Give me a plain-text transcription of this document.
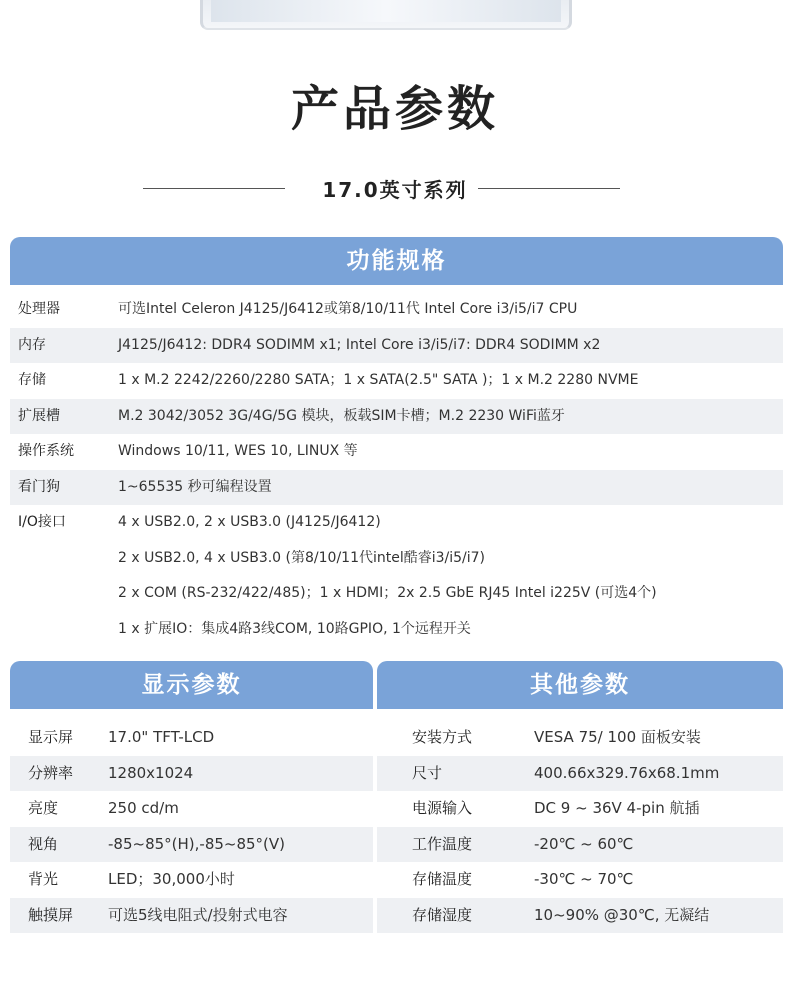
产品参数
17.0英寸系列
功能规格
处理器	可选Intel Celeron J4125/J6412或第8/10/11代 Intel Core i3/i5/i7 CPU
内存	J4125/J6412: DDR4 SODIMM x1; Intel Core i3/i5/i7: DDR4 SODIMM x2
存储	1 x M.2 2242/2260/2280 SATA；1 x SATA(2.5" SATA )；1 x M.2 2280 NVME
扩展槽	M.2 3042/3052 3G/4G/5G 模块，板载SIM卡槽；M.2 2230 WiFi蓝牙
操作系统	Windows 10/11, WES 10, LINUX 等
看门狗	1~65535 秒可编程设置
I/O接口	4 x USB2.0, 2 x USB3.0 (J4125/J6412)
2 x USB2.0, 4 x USB3.0 (第8/10/11代intel酷睿i3/i5/i7)
2 x COM (RS-232/422/485)；1 x HDMI；2x 2.5 GbE RJ45 Intel i225V (可选4个)
1 x 扩展IO：集成4路3线COM, 10路GPIO, 1个远程开关
显示参数
显示屏 17.0" TFT-LCD
分辨率 1280x1024
亮度	250 cd/m
视角	-85~85°(H),-85~85°(V)
背光	LED；30,000小时
触摸屏 可选5线电阻式/投射式电容
其他参数
安装方式	VESA 75/ 100 面板安装
尺寸	400.66x329.76x68.1mm
电源输入	DC 9 ~ 36V 4-pin 航插
工作温度	-20℃ ~ 60℃
存储温度	-30℃ ~ 70℃
存储湿度	10~90% @30℃, 无凝结
